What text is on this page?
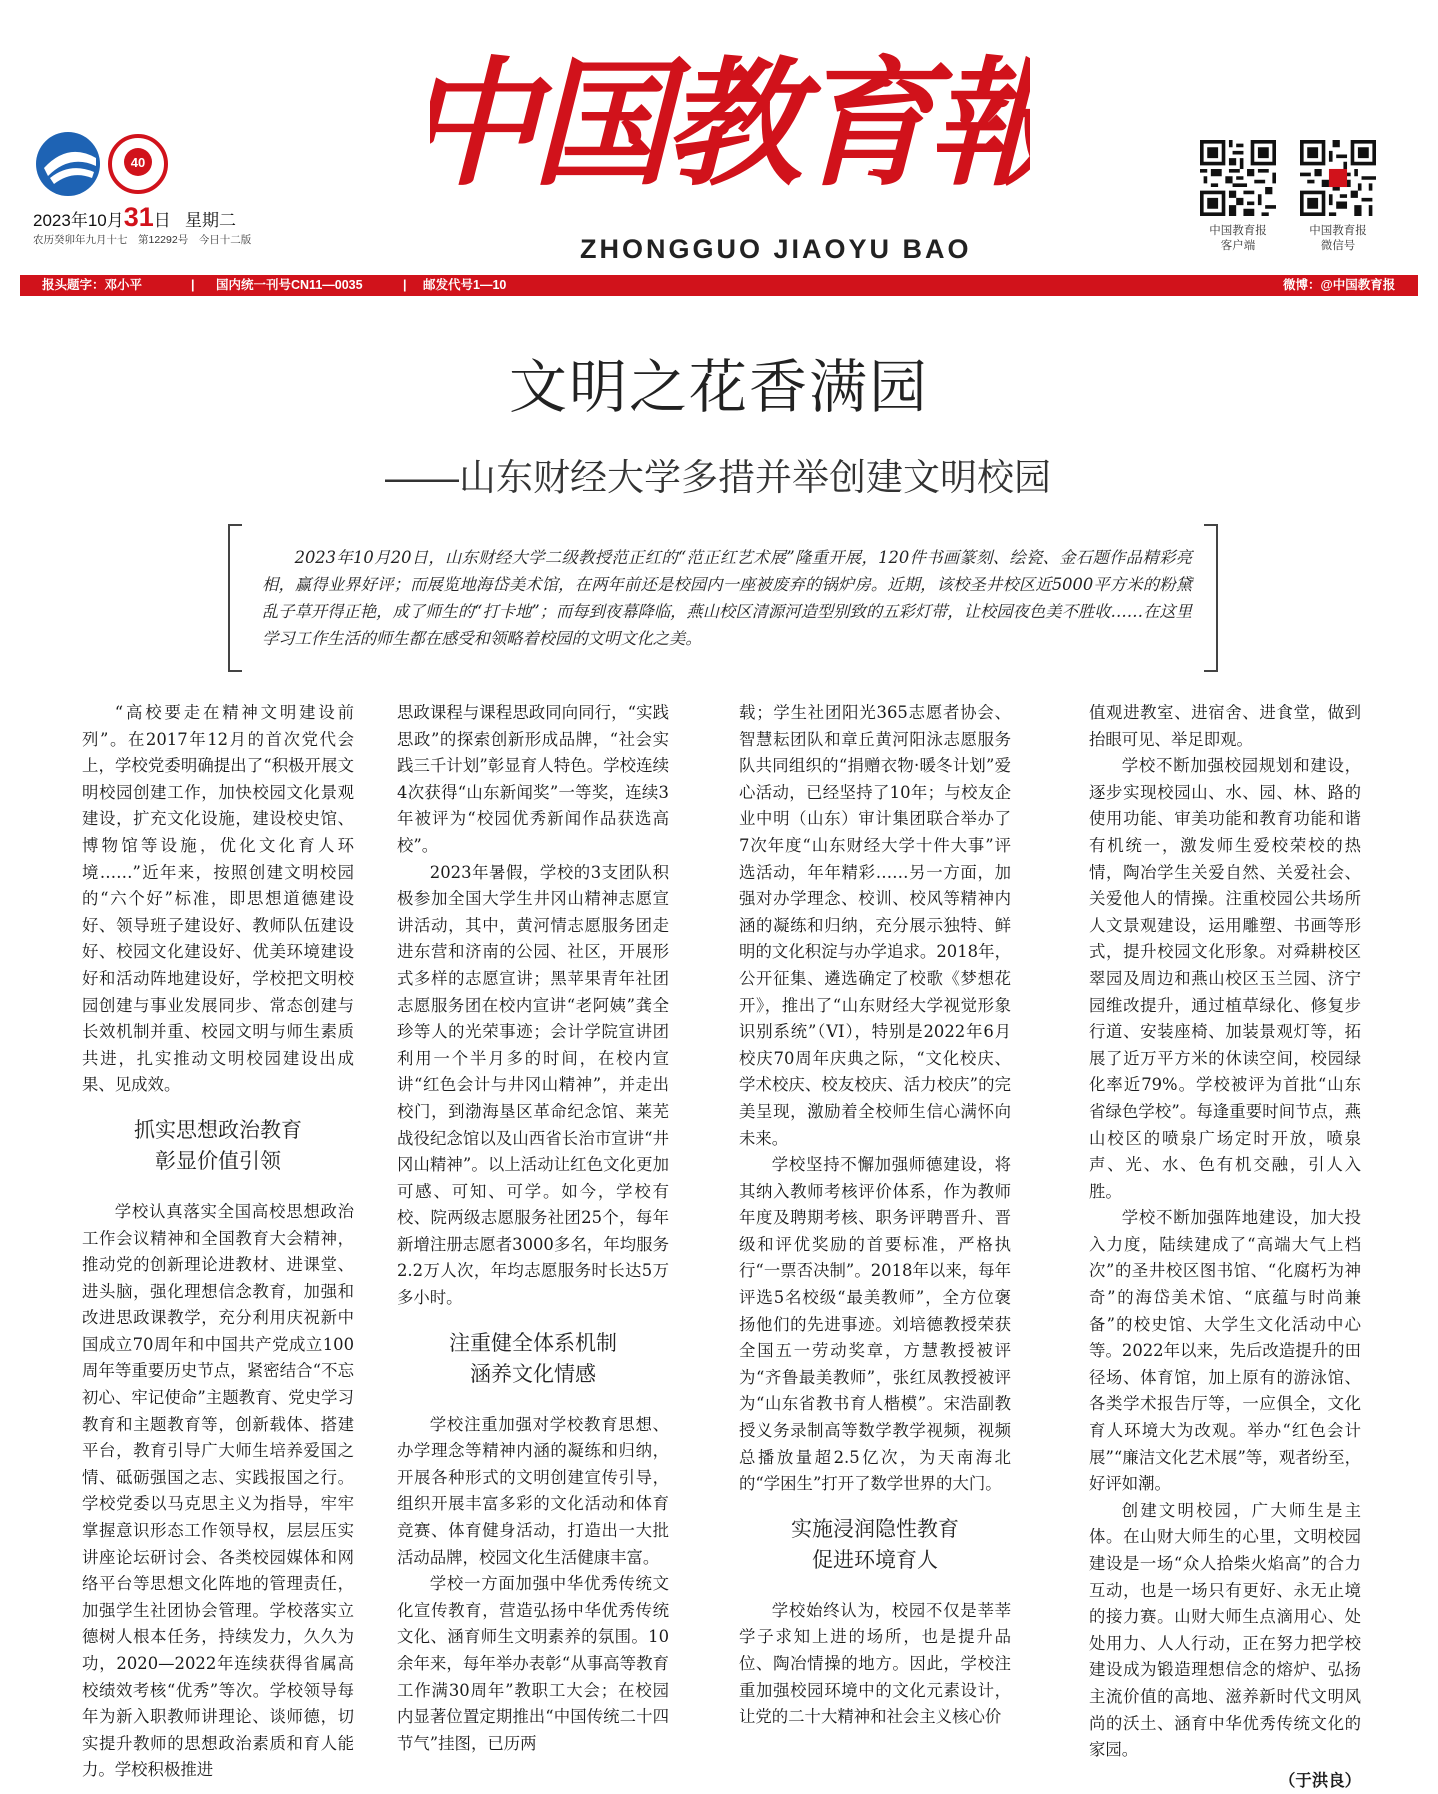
40 中国教育報
2023年10月31日 星期二
农历癸卯年九月十七　第12292号　今日十二版	ZHONGGUO JIAOYU BAO
中国教育报
客户端
中国教育报
微信号
报头题字：邓小平	| 国内统一刊号CN11—0035	| 邮发代号1—10	微博：@中国教育报
文明之花香满园
——山东财经大学多措并举创建文明校园
2023年10月20日，山东财经大学二级教授范正红的“范正红艺术展”隆重开展，120件书画篆刻、绘瓷、金石题作品精彩亮相，赢得业界好评；而展览地海岱美术馆，在两年前还是校园内一座被废弃的锅炉房。近期，该校圣井校区近5000平方米的粉黛乱子草开得正艳，成了师生的“打卡地”；而每到夜幕降临，燕山校区清源河造型别致的五彩灯带，让校园夜色美不胜收……在这里学习工作生活的师生都在感受和领略着校园的文明文化之美。

“高校要走在精神文明建设前列”。在2017年12月的首次党代会上，学校党委明确提出了“积极开展文明校园创建工作，加快校园文化景观建设，扩充文化设施，建设校史馆、博物馆等设施，优化文化育人环境……”近年来，按照创建文明校园的“六个好”标准，即思想道德建设好、领导班子建设好、教师队伍建设好、校园文化建设好、优美环境建设好和活动阵地建设好，学校把文明校园创建与事业发展同步、常态创建与长效机制并重、校园文明与师生素质共进，扎实推动文明校园建设出成果、见成效。

抓实思想政治教育
彰显价值引领

学校认真落实全国高校思想政治工作会议精神和全国教育大会精神，推动党的创新理论进教材、进课堂、进头脑，强化理想信念教育，加强和改进思政课教学，充分利用庆祝新中国成立70周年和中国共产党成立100周年等重要历史节点，紧密结合“不忘初心、牢记使命”主题教育、党史学习教育和主题教育等，创新载体、搭建平台，教育引导广大师生培养爱国之情、砥砺强国之志、实践报国之行。学校党委以马克思主义为指导，牢牢掌握意识形态工作领导权，层层压实讲座论坛研讨会、各类校园媒体和网络平台等思想文化阵地的管理责任，加强学生社团协会管理。学校落实立德树人根本任务，持续发力，久久为功，2020—2022年连续获得省属高校绩效考核“优秀”等次。学校领导每年为新入职教师讲理论、谈师德，切实提升教师的思想政治素质和育人能力。学校积极推进

思政课程与课程思政同向同行，“实践思政”的探索创新形成品牌，“社会实践三千计划”彰显育人特色。学校连续4次获得“山东新闻奖”一等奖，连续3年被评为“校园优秀新闻作品获选高校”。

2023年暑假，学校的3支团队积极参加全国大学生井冈山精神志愿宣讲活动，其中，黄河情志愿服务团走进东营和济南的公园、社区，开展形式多样的志愿宣讲；黑苹果青年社团志愿服务团在校内宣讲“老阿姨”龚全珍等人的光荣事迹；会计学院宣讲团利用一个半月多的时间，在校内宣讲“红色会计与井冈山精神”，并走出校门，到渤海垦区革命纪念馆、莱芜战役纪念馆以及山西省长治市宣讲“井冈山精神”。以上活动让红色文化更加可感、可知、可学。如今，学校有校、院两级志愿服务社团25个，每年新增注册志愿者3000多名，年均服务2.2万人次，年均志愿服务时长达5万多小时。

注重健全体系机制
涵养文化情感

学校注重加强对学校教育思想、办学理念等精神内涵的凝练和归纳，开展各种形式的文明创建宣传引导，组织开展丰富多彩的文化活动和体育竞赛、体育健身活动，打造出一大批活动品牌，校园文化生活健康丰富。

学校一方面加强中华优秀传统文化宣传教育，营造弘扬中华优秀传统文化、涵育师生文明素养的氛围。10余年来，每年举办表彰“从事高等教育工作满30周年”教职工大会；在校园内显著位置定期推出“中国传统二十四节气”挂图，已历两

载；学生社团阳光365志愿者协会、智慧耘团队和章丘黄河阳泳志愿服务队共同组织的“捐赠衣物·暖冬计划”爱心活动，已经坚持了10年；与校友企业中明（山东）审计集团联合举办了7次年度“山东财经大学十件大事”评选活动，年年精彩……另一方面，加强对办学理念、校训、校风等精神内涵的凝练和归纳，充分展示独特、鲜明的文化积淀与办学追求。2018年，公开征集、遴选确定了校歌《梦想花开》，推出了“山东财经大学视觉形象识别系统”（VI），特别是2022年6月校庆70周年庆典之际，“文化校庆、学术校庆、校友校庆、活力校庆”的完美呈现，激励着全校师生信心满怀向未来。

学校坚持不懈加强师德建设，将其纳入教师考核评价体系，作为教师年度及聘期考核、职务评聘晋升、晋级和评优奖励的首要标准，严格执行“一票否决制”。2018年以来，每年评选5名校级“最美教师”，全方位褒扬他们的先进事迹。刘培德教授荣获全国五一劳动奖章，方慧教授被评为“齐鲁最美教师”，张红凤教授被评为“山东省教书育人楷模”。宋浩副教授义务录制高等数学教学视频，视频总播放量超2.5亿次，为天南海北的“学困生”打开了数学世界的大门。

实施浸润隐性教育
促进环境育人

学校始终认为，校园不仅是莘莘学子求知上进的场所，也是提升品位、陶冶情操的地方。因此，学校注重加强校园环境中的文化元素设计，让党的二十大精神和社会主义核心价

值观进教室、进宿舍、进食堂，做到抬眼可见、举足即观。

学校不断加强校园规划和建设，逐步实现校园山、水、园、林、路的使用功能、审美功能和教育功能和谐有机统一，激发师生爱校荣校的热情，陶冶学生关爱自然、关爱社会、关爱他人的情操。注重校园公共场所人文景观建设，运用雕塑、书画等形式，提升校园文化形象。对舜耕校区翠园及周边和燕山校区玉兰园、济宁园维改提升，通过植草绿化、修复步行道、安装座椅、加装景观灯等，拓展了近万平方米的休读空间，校园绿化率近79%。学校被评为首批“山东省绿色学校”。每逢重要时间节点，燕山校区的喷泉广场定时开放，喷泉声、光、水、色有机交融，引人入胜。

学校不断加强阵地建设，加大投入力度，陆续建成了“高端大气上档次”的圣井校区图书馆、“化腐朽为神奇”的海岱美术馆、“底蕴与时尚兼备”的校史馆、大学生文化活动中心等。2022年以来，先后改造提升的田径场、体育馆，加上原有的游泳馆、各类学术报告厅等，一应俱全，文化育人环境大为改观。举办“红色会计展”“廉洁文化艺术展”等，观者纷至，好评如潮。

创建文明校园，广大师生是主体。在山财大师生的心里，文明校园建设是一场“众人拾柴火焰高”的合力互动，也是一场只有更好、永无止境的接力赛。山财大师生点滴用心、处处用力、人人行动，正在努力把学校建设成为锻造理想信念的熔炉、弘扬主流价值的高地、滋养新时代文明风尚的沃土、涵育中华优秀传统文化的家园。

（于洪良）
